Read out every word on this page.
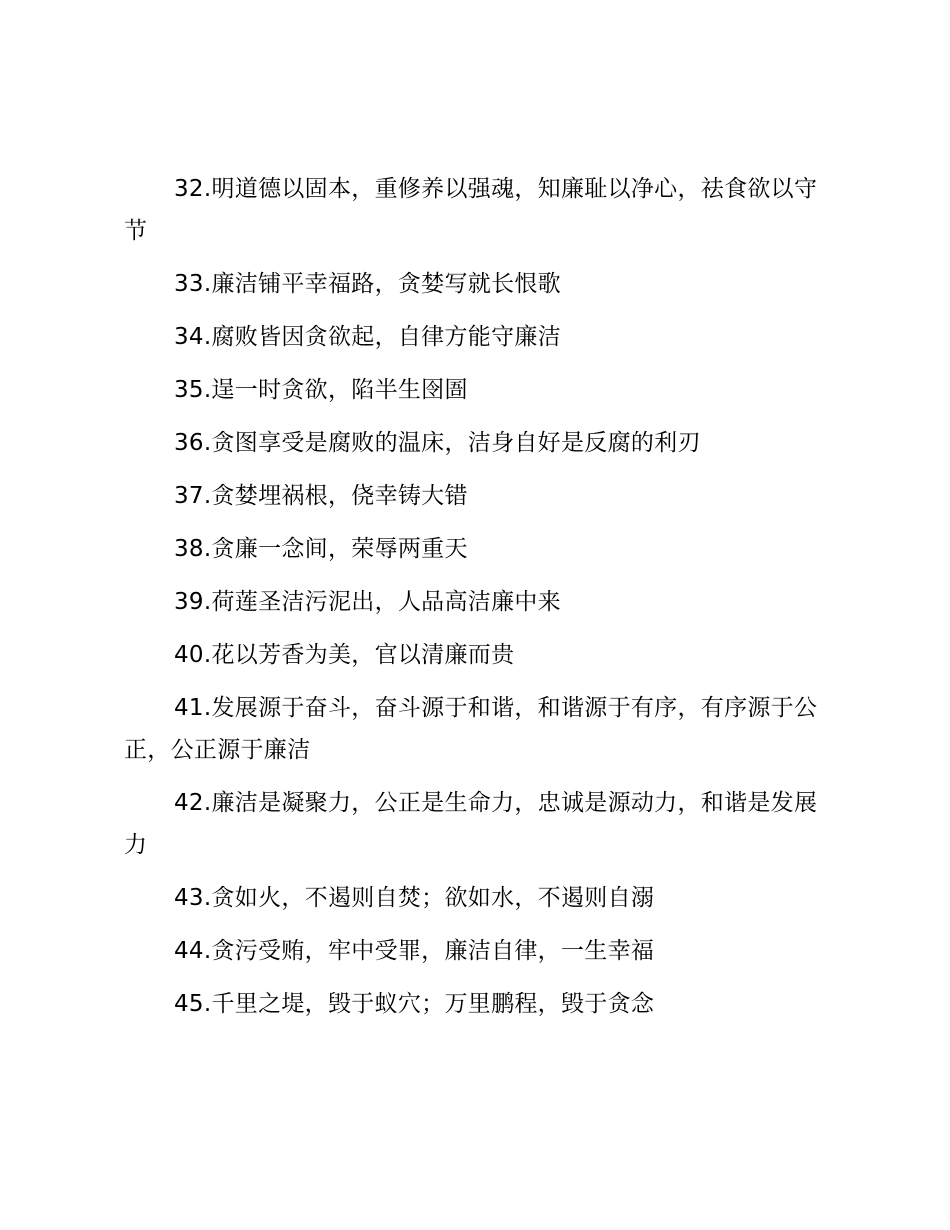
32.明道德以固本，重修养以强魂，知廉耻以净心，祛食欲以守节

33.廉洁铺平幸福路，贪婪写就长恨歌

34.腐败皆因贪欲起，自律方能守廉洁

35.逞一时贪欲，陷半生囹圄

36.贪图享受是腐败的温床，洁身自好是反腐的利刃

37.贪婪埋祸根，侥幸铸大错

38.贪廉一念间，荣辱两重天

39.荷莲圣洁污泥出，人品高洁廉中来

40.花以芳香为美，官以清廉而贵

41.发展源于奋斗，奋斗源于和谐，和谐源于有序，有序源于公正，公正源于廉洁

42.廉洁是凝聚力，公正是生命力，忠诚是源动力，和谐是发展力

43.贪如火，不遏则自焚；欲如水，不遏则自溺

44.贪污受贿，牢中受罪，廉洁自律，一生幸福

45.千里之堤，毁于蚁穴；万里鹏程，毁于贪念
